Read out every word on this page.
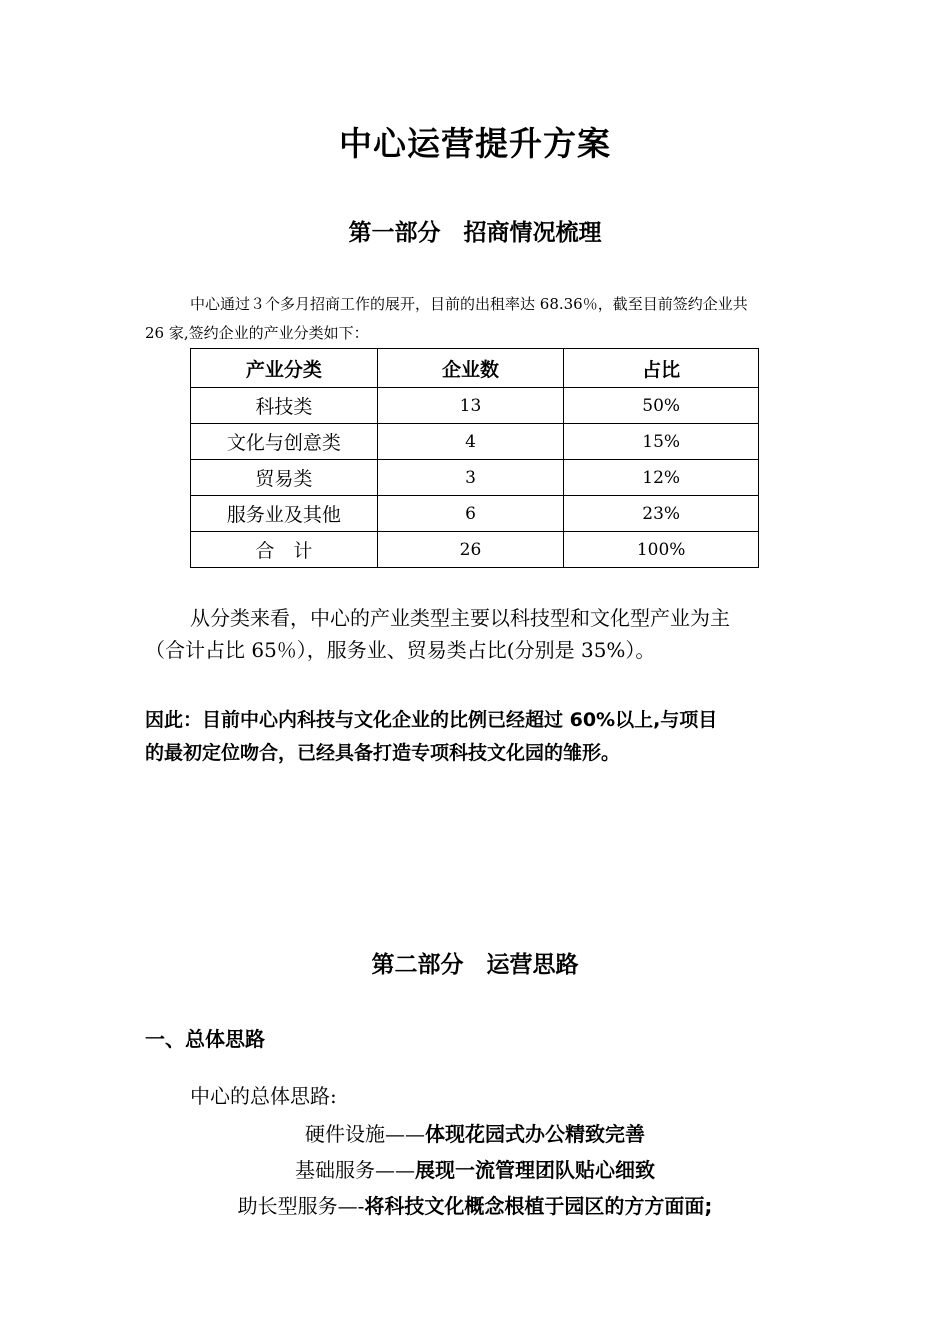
中心运营提升方案
第一部分　招商情况梳理
中心通过３个多月招商工作的展开，目前的出租率达 68.36％，截至目前签约企业共
26 家,签约企业的产业分类如下：
产业分类	企业数	占比
科技类	13	50%
文化与创意类	4	15%
贸易类	3	12%
服务业及其他	6	23%
合　计	26	100%
从分类来看，中心的产业类型主要以科技型和文化型产业为主
（合计占比 65％），服务业、贸易类占比(分别是 35%）。
因此：目前中心内科技与文化企业的比例已经超过 60%以上,与项目
的最初定位吻合，已经具备打造专项科技文化园的雏形。
第二部分　运营思路
一、总体思路
中心的总体思路:
硬件设施——体现花园式办公精致完善
基础服务——展现一流管理团队贴心细致
助长型服务—-将科技文化概念根植于园区的方方面面;
